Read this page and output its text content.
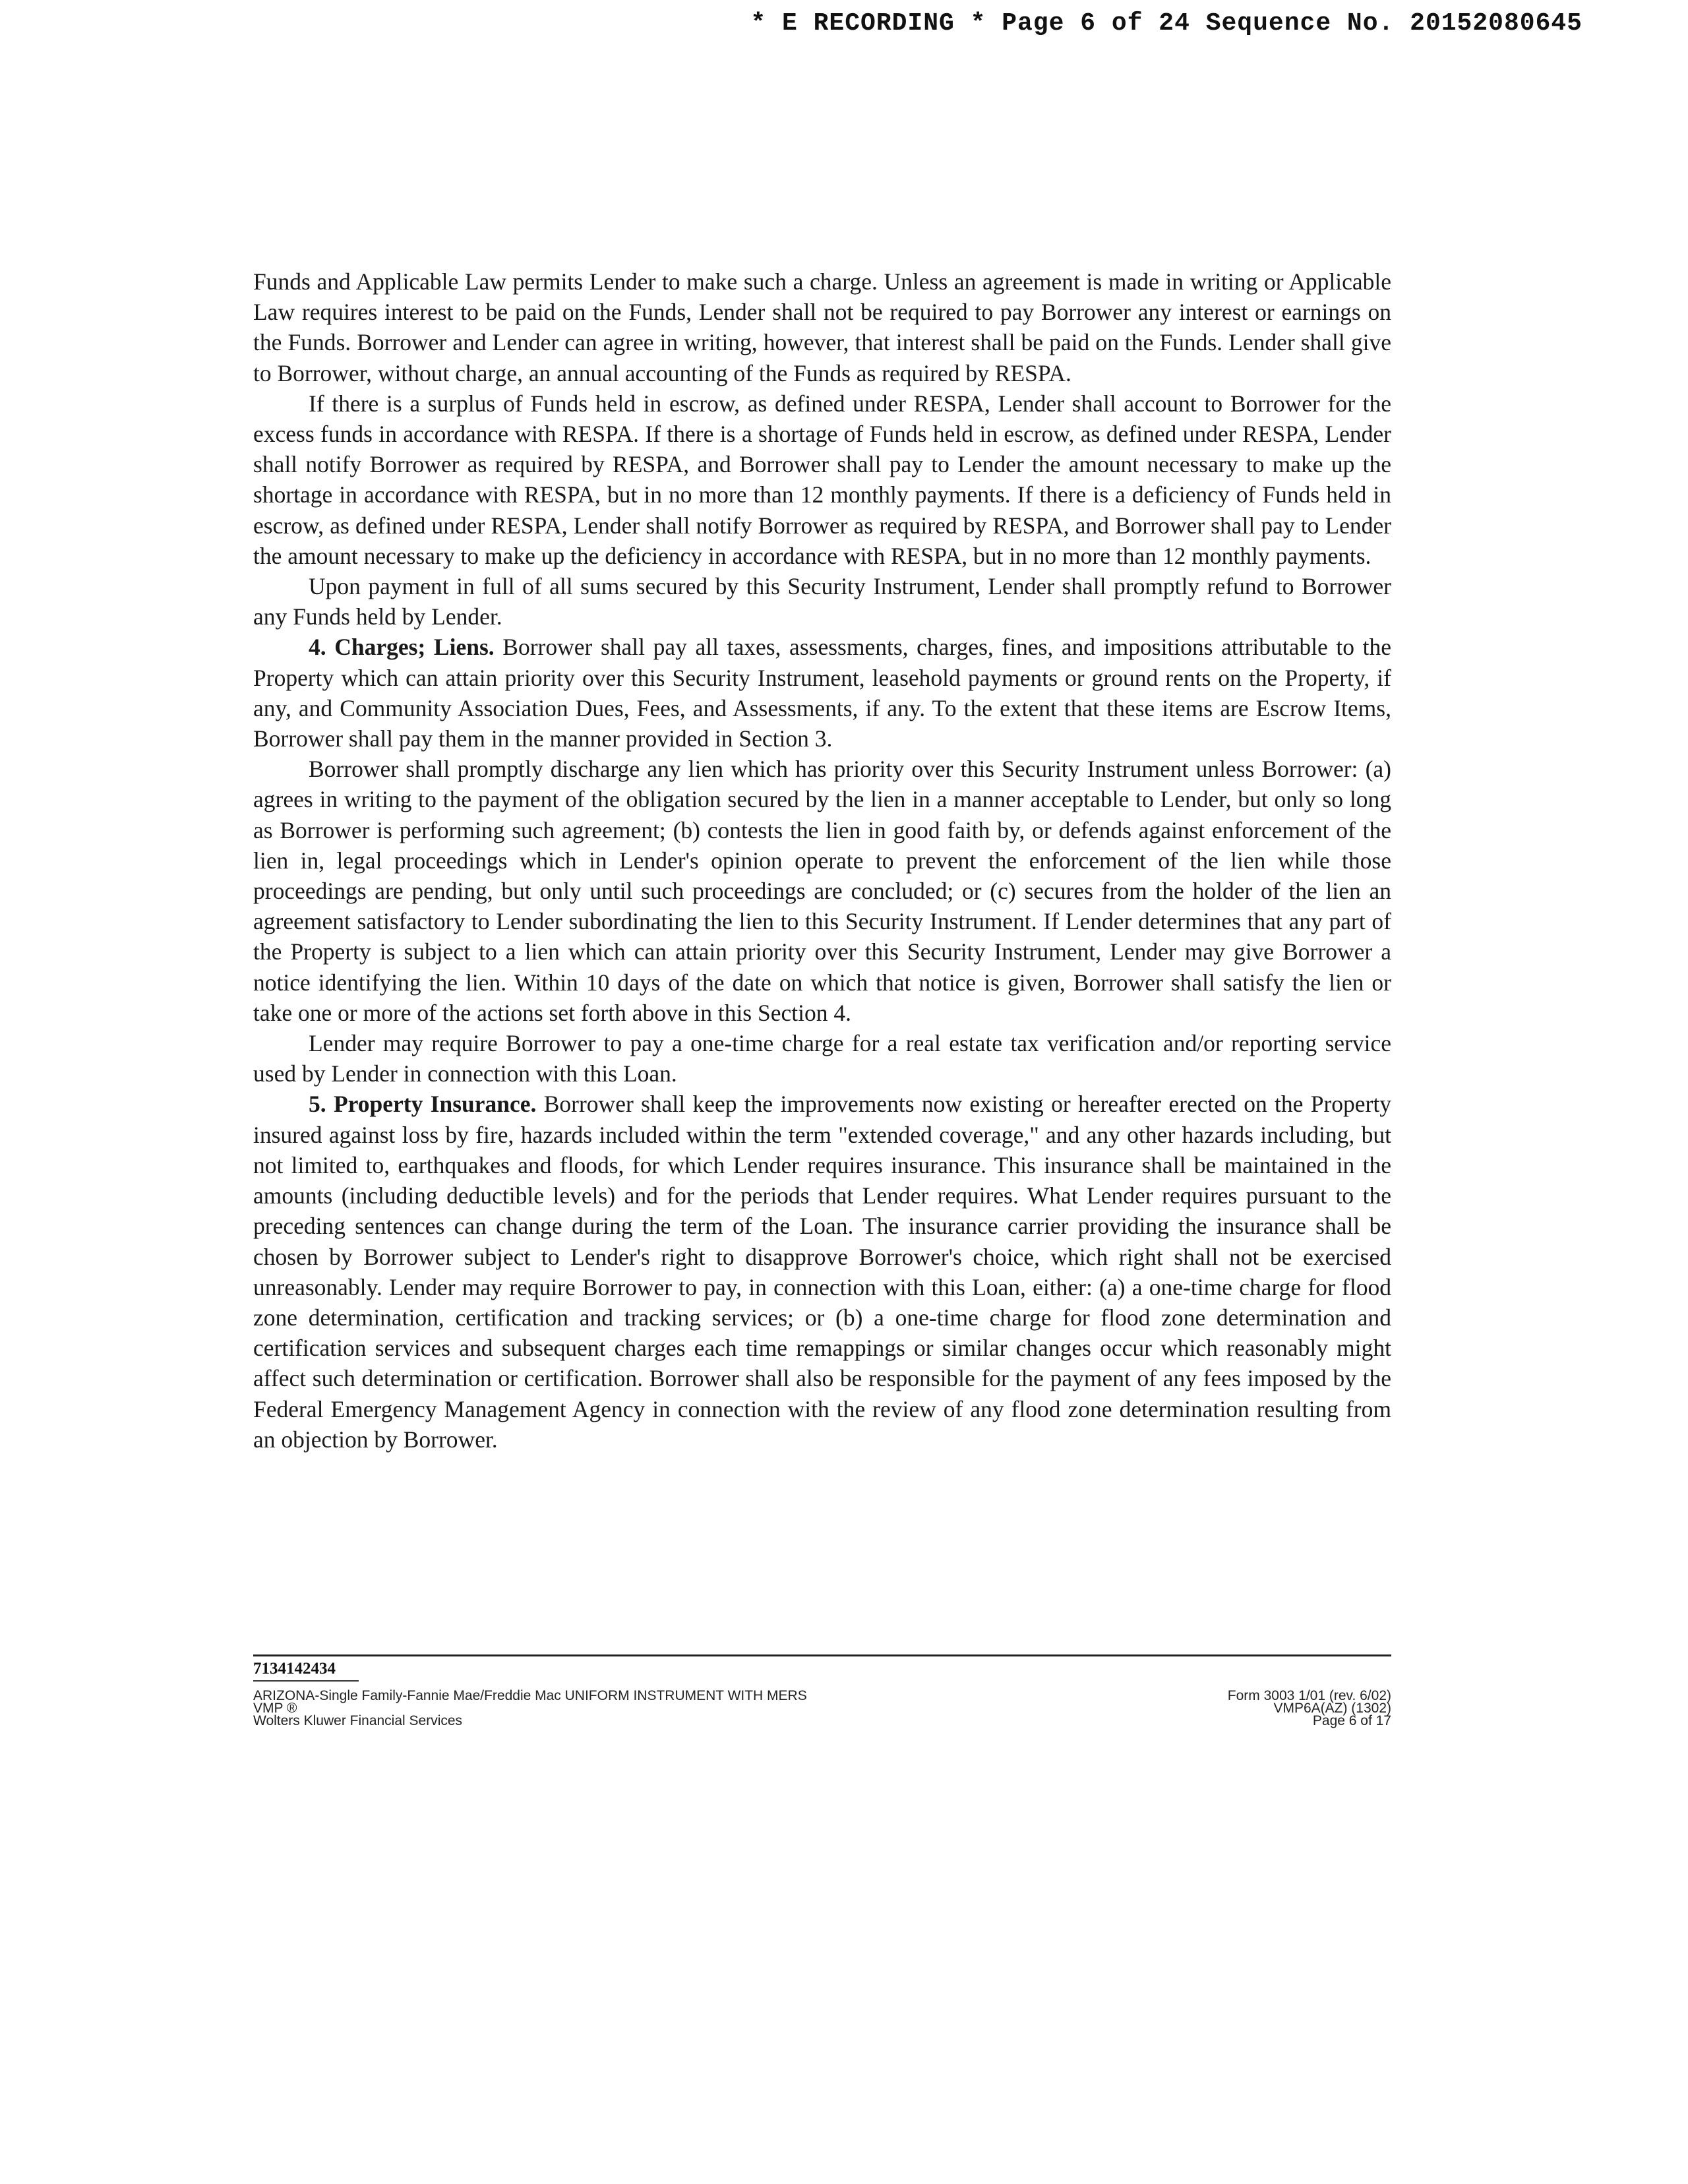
* E RECORDING * Page 6 of 24 Sequence No. 20152080645

Funds and Applicable Law permits Lender to make such a charge. Unless an agreement is made in writing or Applicable Law requires interest to be paid on the Funds, Lender shall not be required to pay Borrower any interest or earnings on the Funds. Borrower and Lender can agree in writing, however, that interest shall be paid on the Funds. Lender shall give to Borrower, without charge, an annual accounting of the Funds as required by RESPA.

If there is a surplus of Funds held in escrow, as defined under RESPA, Lender shall account to Borrower for the excess funds in accordance with RESPA. If there is a shortage of Funds held in escrow, as defined under RESPA, Lender shall notify Borrower as required by RESPA, and Borrower shall pay to Lender the amount necessary to make up the shortage in accordance with RESPA, but in no more than 12 monthly payments. If there is a deficiency of Funds held in escrow, as defined under RESPA, Lender shall notify Borrower as required by RESPA, and Borrower shall pay to Lender the amount necessary to make up the deficiency in accordance with RESPA, but in no more than 12 monthly payments.

Upon payment in full of all sums secured by this Security Instrument, Lender shall promptly refund to Borrower any Funds held by Lender.

4. Charges; Liens. Borrower shall pay all taxes, assessments, charges, fines, and impositions attributable to the Property which can attain priority over this Security Instrument, leasehold payments or ground rents on the Property, if any, and Community Association Dues, Fees, and Assessments, if any. To the extent that these items are Escrow Items, Borrower shall pay them in the manner provided in Section 3.

Borrower shall promptly discharge any lien which has priority over this Security Instrument unless Borrower: (a) agrees in writing to the payment of the obligation secured by the lien in a manner acceptable to Lender, but only so long as Borrower is performing such agreement; (b) contests the lien in good faith by, or defends against enforcement of the lien in, legal proceedings which in Lender's opinion operate to prevent the enforcement of the lien while those proceedings are pending, but only until such proceedings are concluded; or (c) secures from the holder of the lien an agreement satisfactory to Lender subordinating the lien to this Security Instrument. If Lender determines that any part of the Property is subject to a lien which can attain priority over this Security Instrument, Lender may give Borrower a notice identifying the lien. Within 10 days of the date on which that notice is given, Borrower shall satisfy the lien or take one or more of the actions set forth above in this Section 4.

Lender may require Borrower to pay a one-time charge for a real estate tax verification and/or reporting service used by Lender in connection with this Loan.

5. Property Insurance. Borrower shall keep the improvements now existing or hereafter erected on the Property insured against loss by fire, hazards included within the term "extended coverage," and any other hazards including, but not limited to, earthquakes and floods, for which Lender requires insurance. This insurance shall be maintained in the amounts (including deductible levels) and for the periods that Lender requires. What Lender requires pursuant to the preceding sentences can change during the term of the Loan. The insurance carrier providing the insurance shall be chosen by Borrower subject to Lender's right to disapprove Borrower's choice, which right shall not be exercised unreasonably. Lender may require Borrower to pay, in connection with this Loan, either: (a) a one-time charge for flood zone determination, certification and tracking services; or (b) a one-time charge for flood zone determination and certification services and subsequent charges each time remappings or similar changes occur which reasonably might affect such determination or certification. Borrower shall also be responsible for the payment of any fees imposed by the Federal Emergency Management Agency in connection with the review of any flood zone determination resulting from an objection by Borrower.

7134142434
ARIZONA-Single Family-Fannie Mae/Freddie Mac UNIFORM INSTRUMENT WITH MERS
VMP ®
Wolters Kluwer Financial Services
Form 3003 1/01 (rev. 6/02)
VMP6A(AZ) (1302)
Page 6 of 17
